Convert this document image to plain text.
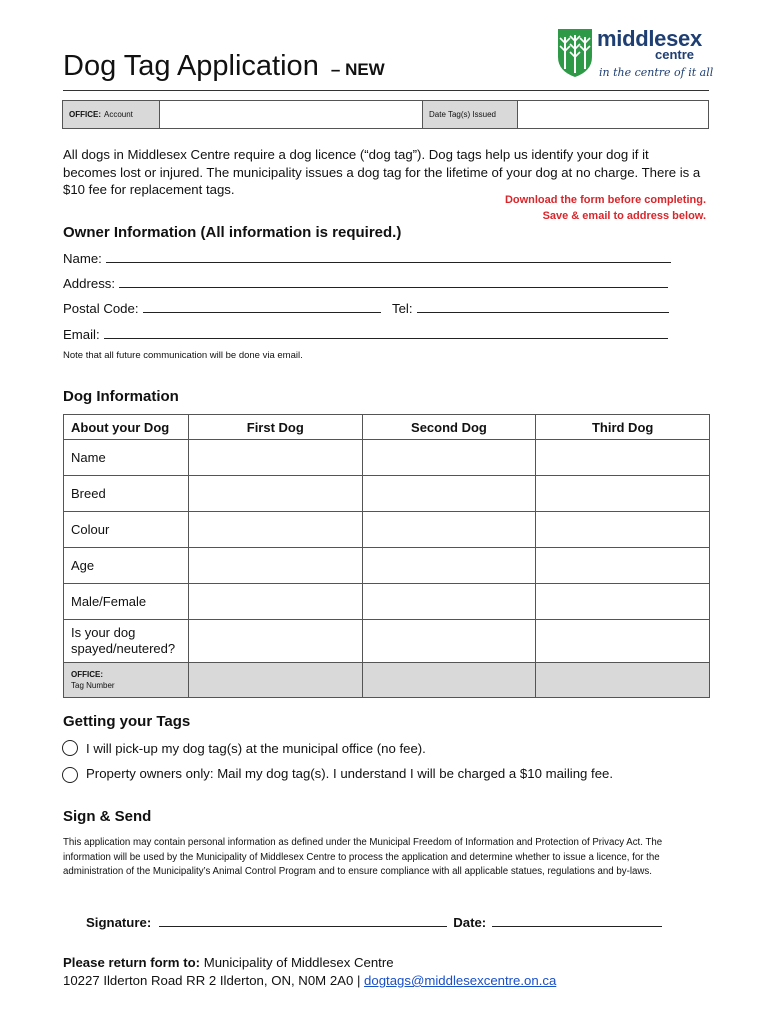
Dog Tag Application – NEW
middlesex
centre
in the centre of it all
OFFICE: Account	Date Tag(s) Issued
All dogs in Middlesex Centre require a dog licence (“dog tag”). Dog tags help us identify your dog if it becomes lost or injured. The municipality issues a dog tag for the lifetime of your dog at no charge. There is a $10 fee for replacement tags.
Download the form before completing.
Save & email to address below.
Owner Information (All information is required.)
Name:
Address:
Postal Code:	Tel:
Email:
Note that all future communication will be done via email.
Dog Information
About your Dog	First Dog	Second Dog	Third Dog
Name			
Breed			
Colour			
Age			
Male/Female			

Is your dog
spayed/neutered?			

OFFICE:
Tag Number			

Getting your Tags
I will pick-up my dog tag(s) at the municipal office (no fee).
Property owners only: Mail my dog tag(s). I understand I will be charged a $10 mailing fee.
Sign & Send
This application may contain personal information as defined under the Municipal Freedom of Information and Protection of Privacy Act. The information will be used by the Municipality of Middlesex Centre to process the application and determine whether to issue a licence, for the administration of the Municipality’s Animal Control Program and to ensure compliance with all applicable statues, regulations and by-laws.
Signature:	Date:
Please return form to: Municipality of Middlesex Centre
10227 Ilderton Road RR 2 Ilderton, ON, N0M 2A0 | dogtags@middlesexcentre.on.ca
